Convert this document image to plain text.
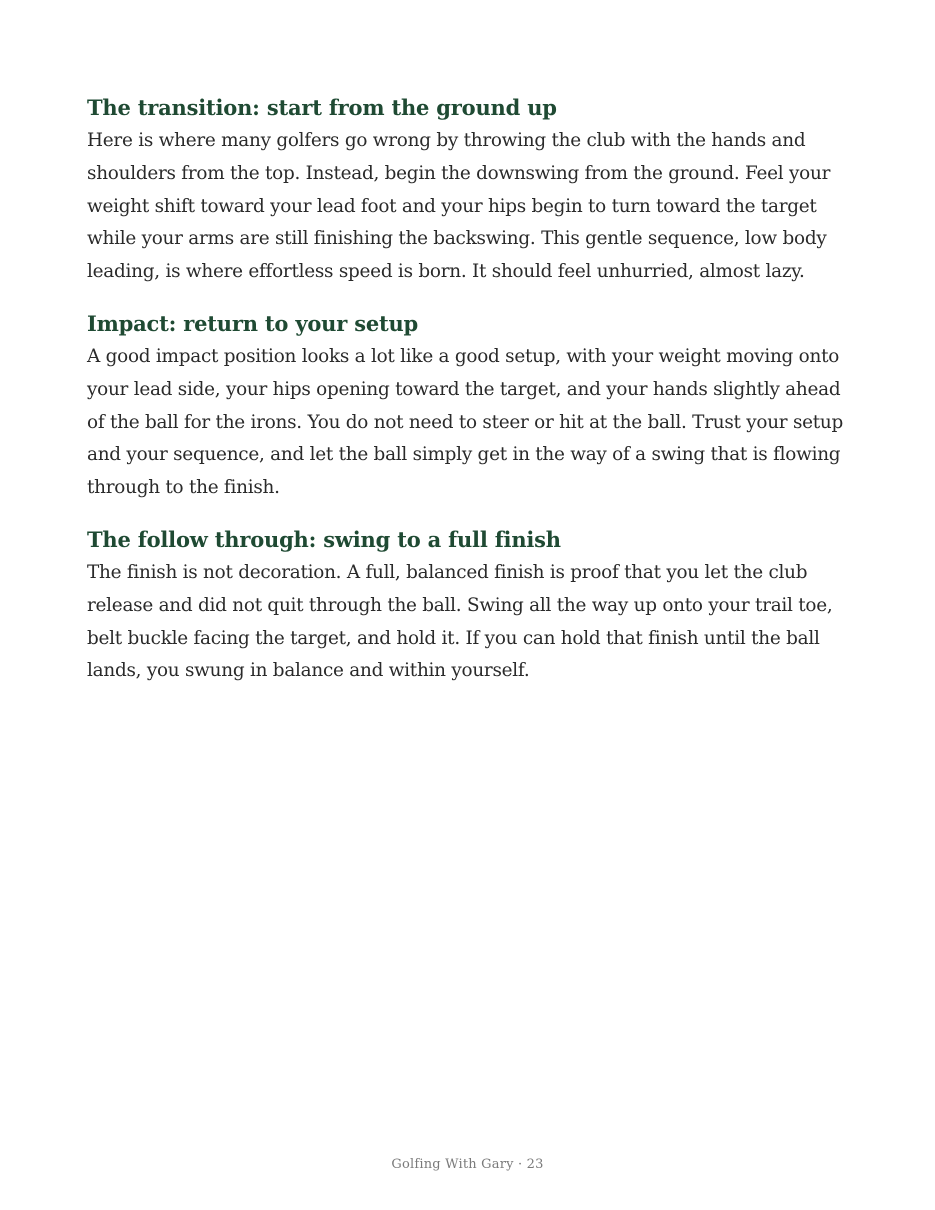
The transition: start from the ground up

Here is where many golfers go wrong by throwing the club with the hands and shoulders from the top. Instead, begin the downswing from the ground. Feel your weight shift toward your lead foot and your hips begin to turn toward the target while your arms are still finishing the backswing. This gentle sequence, low body leading, is where effortless speed is born. It should feel unhurried, almost lazy.

Impact: return to your setup

A good impact position looks a lot like a good setup, with your weight moving onto your lead side, your hips opening toward the target, and your hands slightly ahead of the ball for the irons. You do not need to steer or hit at the ball. Trust your setup and your sequence, and let the ball simply get in the way of a swing that is flowing through to the finish.

The follow through: swing to a full finish

The finish is not decoration. A full, balanced finish is proof that you let the club release and did not quit through the ball. Swing all the way up onto your trail toe, belt buckle facing the target, and hold it. If you can hold that finish until the ball lands, you swung in balance and within yourself.

Golfing With Gary · 23
